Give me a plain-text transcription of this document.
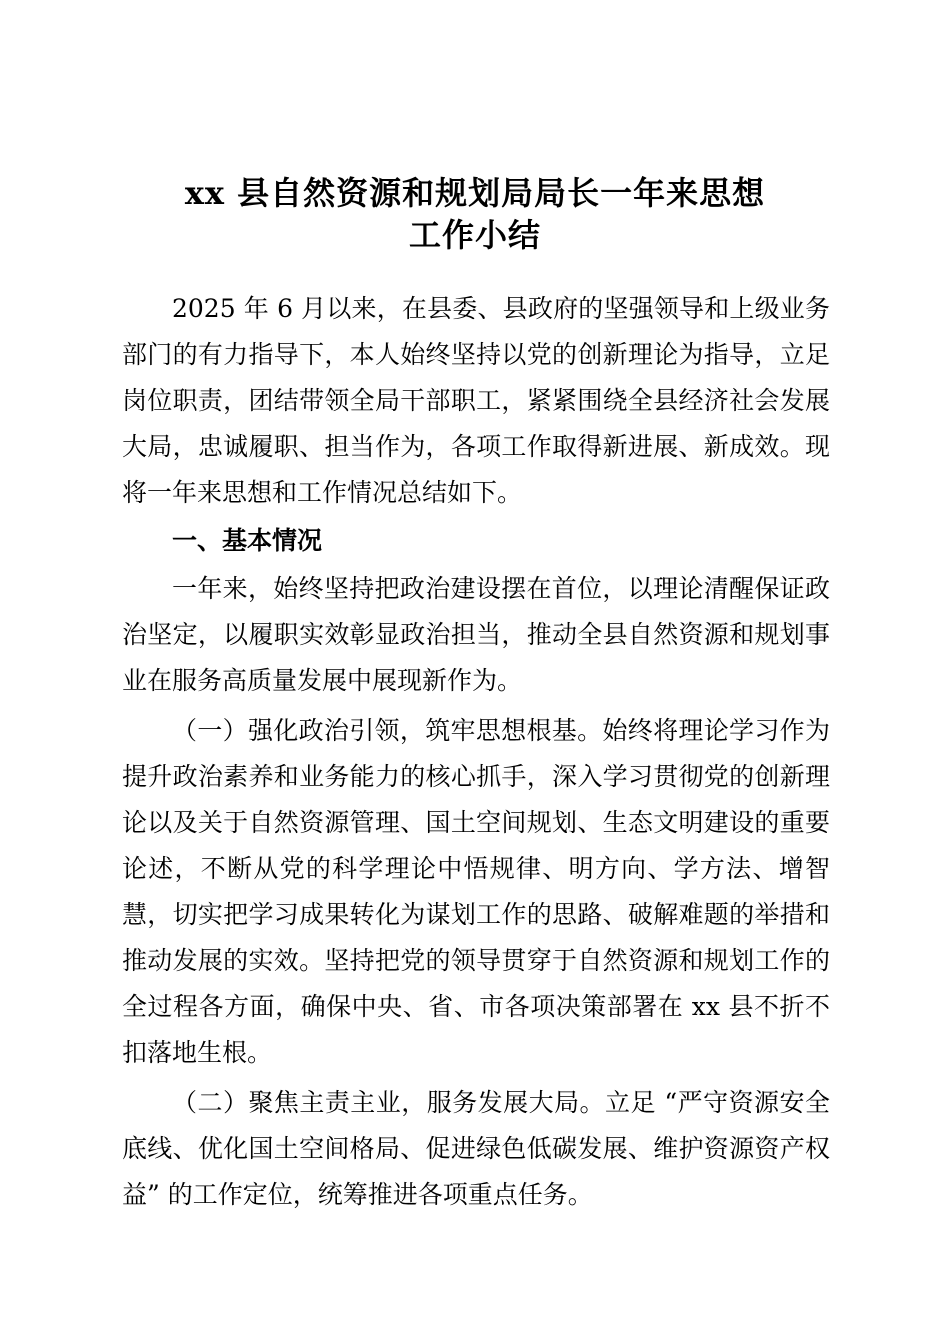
xx 县自然资源和规划局局长一年来思想
工作小结

2025 年 6 月以来，在县委、县政府的坚强领导和上级业务部门的有力指导下，本人始终坚持以党的创新理论为指导，立足岗位职责，团结带领全局干部职工，紧紧围绕全县经济社会发展大局，忠诚履职、担当作为，各项工作取得新进展、新成效。现将一年来思想和工作情况总结如下。

一、基本情况

一年来，始终坚持把政治建设摆在首位，以理论清醒保证政治坚定，以履职实效彰显政治担当，推动全县自然资源和规划事业在服务高质量发展中展现新作为。

（一）强化政治引领，筑牢思想根基。始终将理论学习作为提升政治素养和业务能力的核心抓手，深入学习贯彻党的创新理论以及关于自然资源管理、国土空间规划、生态文明建设的重要论述，不断从党的科学理论中悟规律、明方向、学方法、增智慧，切实把学习成果转化为谋划工作的思路、破解难题的举措和推动发展的实效。坚持把党的领导贯穿于自然资源和规划工作的全过程各方面，确保中央、省、市各项决策部署在 xx 县不折不扣落地生根。

（二）聚焦主责主业，服务发展大局。立足 “严守资源安全底线、优化国土空间格局、促进绿色低碳发展、维护资源资产权益” 的工作定位，统筹推进各项重点任务。
